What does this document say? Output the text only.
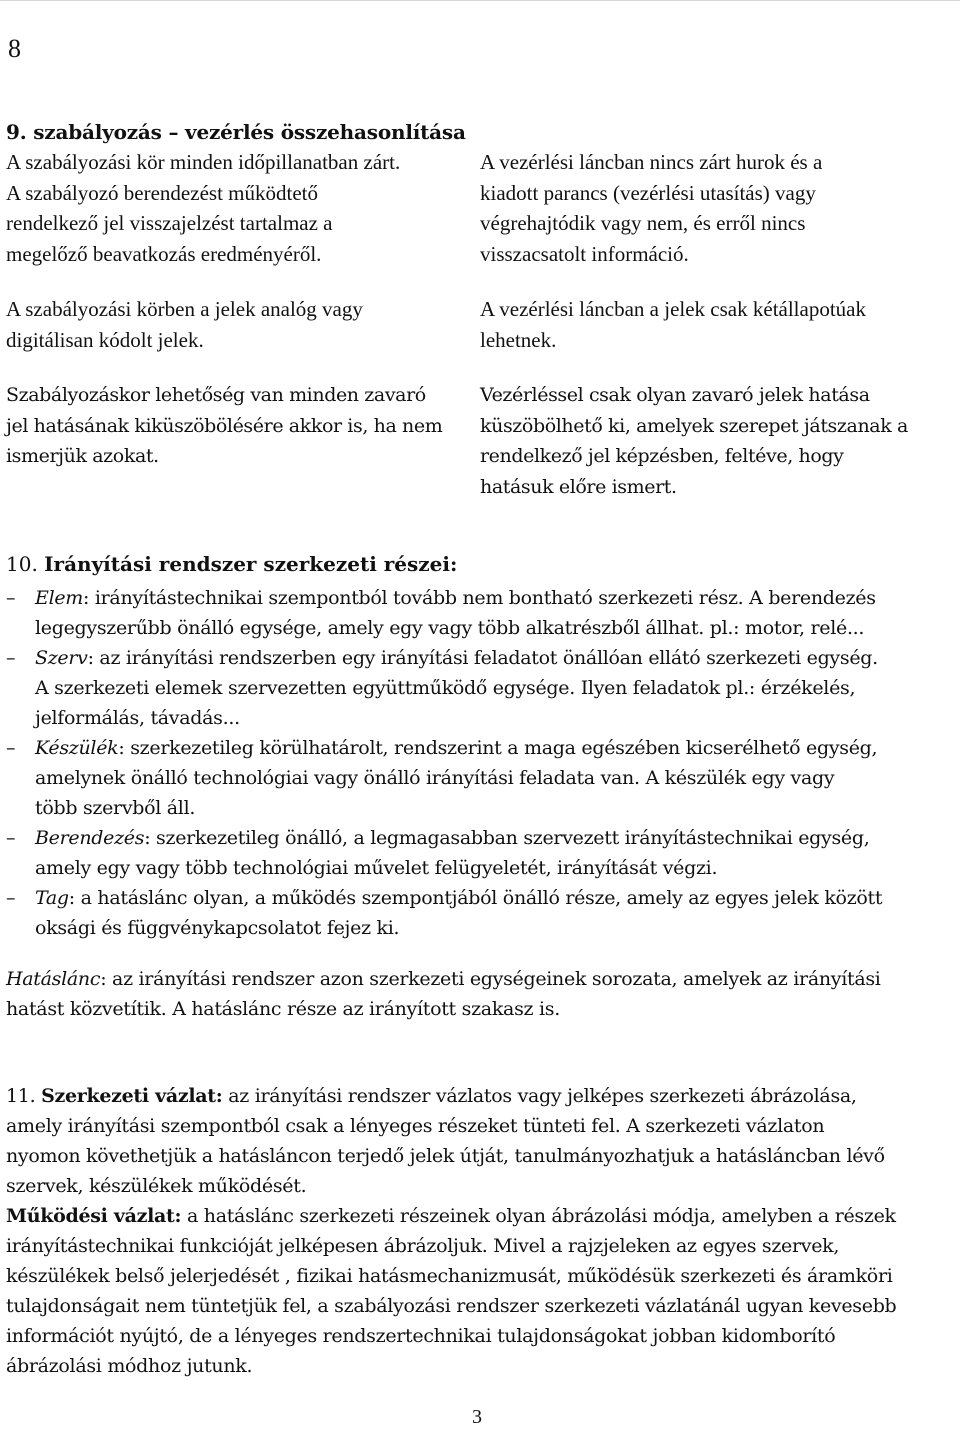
8
9. szabályozás – vezérlés összehasonlítása
A szabályozási kör minden időpillanatban zárt.
A szabályozó berendezést működtető
rendelkező jel visszajelzést tartalmaz a
megelőző beavatkozás eredményéről.
A szabályozási körben a jelek analóg vagy
digitálisan kódolt jelek.
Szabályozáskor lehetőség van minden zavaró
jel hatásának kiküszöbölésére akkor is, ha nem
ismerjük azokat.
A vezérlési láncban nincs zárt hurok és a
kiadott parancs (vezérlési utasítás) vagy
végrehajtódik vagy nem, és erről nincs
visszacsatolt információ.
A vezérlési láncban a jelek csak kétállapotúak
lehetnek.
Vezérléssel csak olyan zavaró jelek hatása
küszöbölhető ki, amelyek szerepet játszanak a
rendelkező jel képzésben, feltéve, hogy
hatásuk előre ismert.
10. Irányítási rendszer szerkezeti részei:
– Elem: irányítástechnikai szempontból tovább nem bontható szerkezeti rész. A berendezés
legegyszerűbb önálló egysége, amely egy vagy több alkatrészből állhat. pl.: motor, relé...
– Szerv: az irányítási rendszerben egy irányítási feladatot önállóan ellátó szerkezeti egység.
A szerkezeti elemek szervezetten együttműködő egysége. Ilyen feladatok pl.: érzékelés,
jelformálás, távadás...
– Készülék: szerkezetileg körülhatárolt, rendszerint a maga egészében kicserélhető egység,
amelynek önálló technológiai vagy önálló irányítási feladata van. A készülék egy vagy
több szervből áll.
– Berendezés: szerkezetileg önálló, a legmagasabban szervezett irányítástechnikai egység,
amely egy vagy több technológiai művelet felügyeletét, irányítását végzi.
– Tag: a hatáslánc olyan, a működés szempontjából önálló része, amely az egyes jelek között
oksági és függvénykapcsolatot fejez ki.
Hatáslánc: az irányítási rendszer azon szerkezeti egységeinek sorozata, amelyek az irányítási
hatást közvetítik. A hatáslánc része az irányított szakasz is.
11. Szerkezeti vázlat: az irányítási rendszer vázlatos vagy jelképes szerkezeti ábrázolása,
amely irányítási szempontból csak a lényeges részeket tünteti fel. A szerkezeti vázlaton
nyomon követhetjük a hatásláncon terjedő jelek útját, tanulmányozhatjuk a hatásláncban lévő
szervek, készülékek működését.
Működési vázlat: a hatáslánc szerkezeti részeinek olyan ábrázolási módja, amelyben a részek
irányítástechnikai funkcióját jelképesen ábrázoljuk. Mivel a rajzjeleken az egyes szervek,
készülékek belső jelerjedését , fizikai hatásmechanizmusát, működésük szerkezeti és áramköri
tulajdonságait nem tüntetjük fel, a szabályozási rendszer szerkezeti vázlatánál ugyan kevesebb
információt nyújtó, de a lényeges rendszertechnikai tulajdonságokat jobban kidomborító
ábrázolási módhoz jutunk.
3
